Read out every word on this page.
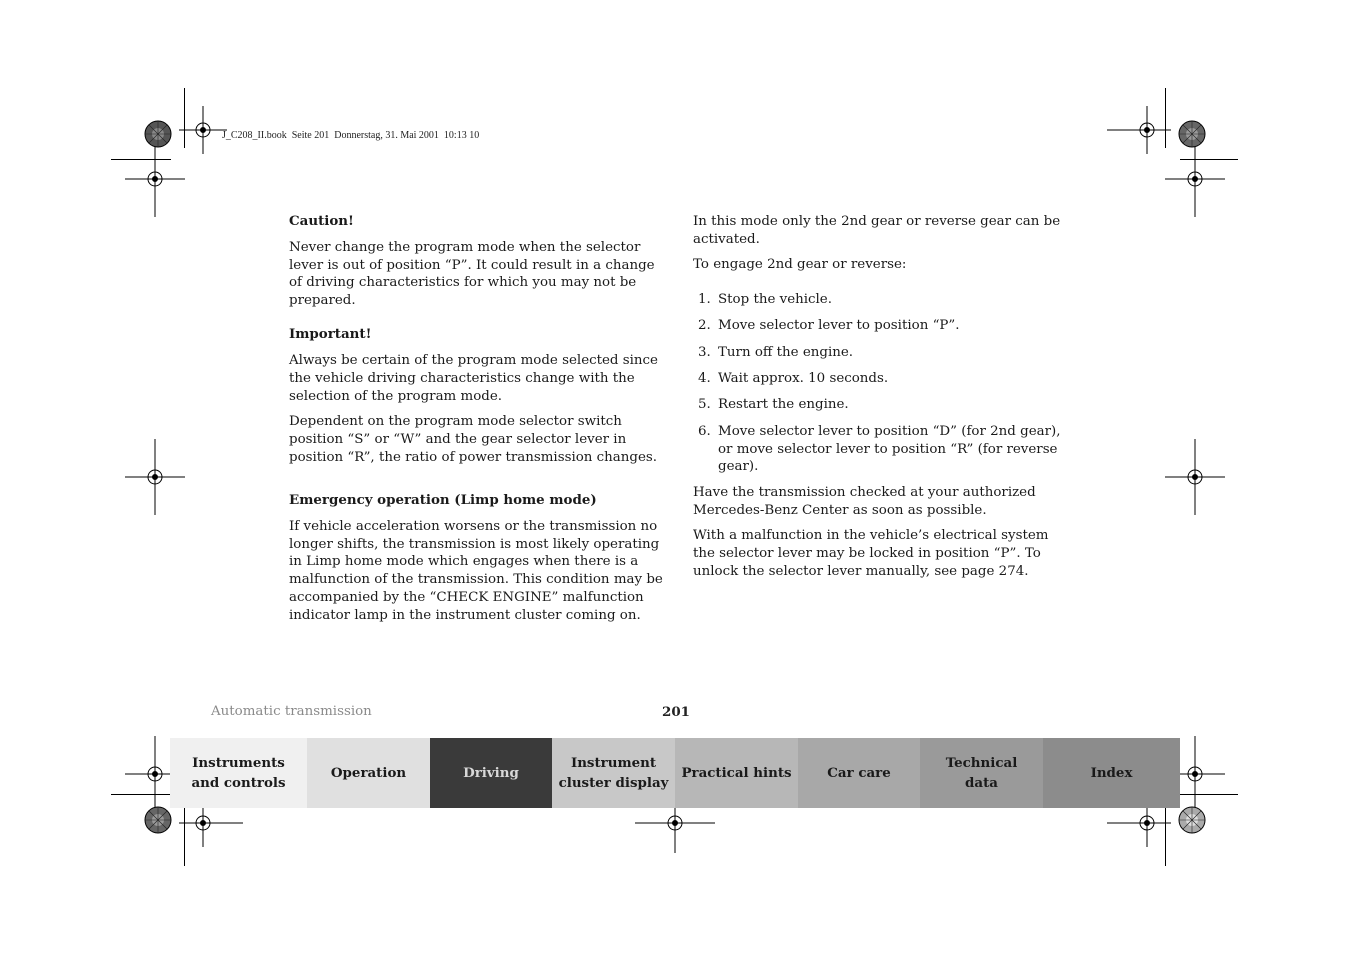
J_C208_II.book  Seite 201  Donnerstag, 31. Mai 2001  10:13 10
Caution!

Never change the program mode when the selector lever is out of position “P”. It could result in a change of driving characteristics for which you may not be prepared.

Important!

Always be certain of the program mode selected since the vehicle driving characteristics change with the selection of the program mode.

Dependent on the program mode selector switch position “S” or “W” and the gear selector lever in position “R”, the ratio of power transmission changes.

Emergency operation (Limp home mode)

If vehicle acceleration worsens or the transmission no longer shifts, the transmission is most likely operating in Limp home mode which engages when there is a malfunction of the transmission. This condition may be accompanied by the “CHECK ENGINE” malfunction indicator lamp in the instrument cluster coming on.

In this mode only the 2nd gear or reverse gear can be activated.

To engage 2nd gear or reverse:

1. Stop the vehicle.
2. Move selector lever to position “P”.
3. Turn off the engine.
4. Wait approx. 10 seconds.
5. Restart the engine.
6. Move selector lever to position “D” (for 2nd gear), or move selector lever to position “R” (for reverse gear).

Have the transmission checked at your authorized Mercedes-Benz Center as soon as possible.

With a malfunction in the vehicle’s electrical system the selector lever may be locked in position “P”. To unlock the selector lever manually, see page 274.

Automatic transmission	201
Instruments
and controls
Operation	Driving
Instrument
cluster display
Practical hints	Car care
Technical
data
Index
